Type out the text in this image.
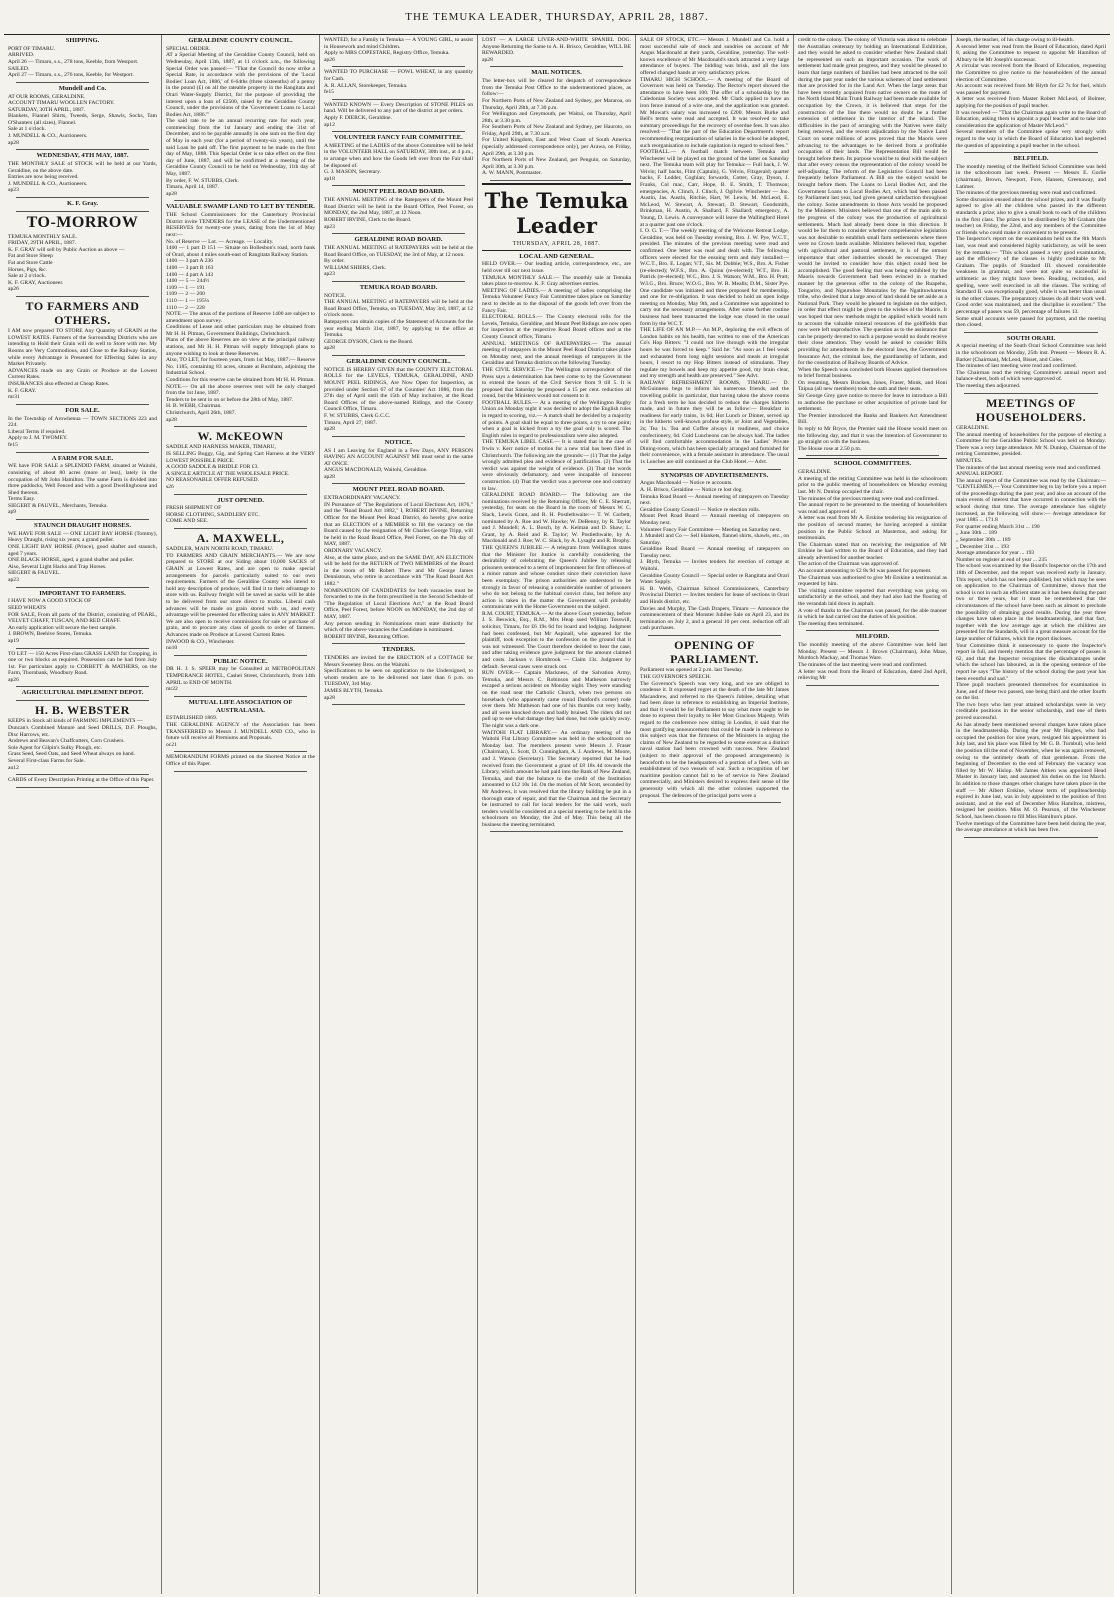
THE TEMUKA LEADER, THURSDAY, APRIL 28, 1887.
SHIPPING.
PORT OF TIMARU.
ARRIVED.
April 26 — Timaru, s.s., 278 tons, Keeble, from Westport.
SAILED.
April 27 — Timaru, s.s., 276 tons, Keeble, for Westport.
Mundell and Co.
AT OUR ROOMS, GERALDINE.
ACCOUNT TIMARU WOOLLEN FACTORY.
SATURDAY, 30TH APRIL, 1887.
Blankets, Flannel Shirts, Tweeds, Serge, Shawls, Socks, Tam O'Shanters (all sizes), Flannel.
Sale at 1 o'clock.
J. MUNDELL & CO., Auctioneers.
ap28
WEDNESDAY, 4TH MAY, 1887.
THE MONTHLY SALE of STOCK will be held at our Yards, Geraldine, on the above date.
Entries are now being received.
J. MUNDELL & CO., Auctioneers.
ap23
K. F. Gray.
TO-MORROW
TEMUKA MONTHLY SALE.
FRIDAY, 29TH APRIL, 1887.
K. F. GRAY will sell by Public Auction as above —
Fat and Store Sheep
Fat and Store Cattle
Horses, Pigs, &c.
Sale at 2 o'clock.
K. F. GRAY, Auctioneer.
ap26
TO FARMERS AND OTHERS.
I AM now prepared TO STORE Any Quantity of GRAIN at the LOWEST RATES. Farmers of the Surrounding Districts who are intending to Hold their Grain will do well to Store with me. My Rooms are Very Commodious, and Close to the Railway Station, while every Advantage is Presented for Effecting Sales in any Market Privately.
ADVANCES made on any Grain or Produce at the Lowest Current Rates.
INSURANCES also effected at Cheap Rates.
K. F. GRAY.
mr31
FOR SALE.
In the Township of Arowhenua — TOWN SECTIONS 223 and 224.
Liberal Terms if required.
Apply to J. M. TWOMEY.
fe15
A FARM FOR SALE.
WE have FOR SALE a SPLENDID FARM, situated at Waitohi, consisting of about 80 acres (more or less), lately in the occupation of Mr John Hamilton. The same Farm is divided into three paddocks, Well Fenced and with a good Dwellinghouse and Shed thereon.
Terms Easy.
SIEGERT & FAUVEL, Merchants, Temuka.
ap9
STAUNCH DRAUGHT HORSES.
WE HAVE FOR SALE — ONE LIGHT BAY HORSE (Tommy), Heavy Draught, rising six years; a grand puller.
ONE LIGHT BAY HORSE (Prince), good shafter and staunch, aged 7 years.
ONE BLACK HORSE, aged, a grand shafter and puller.
Also, Several Light Hacks and Trap Horses.
SIEGERT & FAUVEL.
ap23
IMPORTANT TO FARMERS.
I HAVE NOW A GOOD STOCK OF
SEED WHEATS
FOR SALE, From all parts of the District, consisting of PEARL, VELVET CHAFF, TUSCAN, AND RED CHAFF.
An early application will secure the best sample.
J. BROWN, Beehive Stores, Temuka.
ap19
TO LET — 150 Acres First-class GRASS LAND for Cropping, in one or two blocks as required. Possession can be had from July 1st. For particulars apply to CORBETT & MATHERS, on the Farm, Thornbank, Woodbury Road.
ap26
AGRICULTURAL IMPLEMENT DEPOT.
H. B. WEBSTER
KEEPS in Stock all kinds of FARMING IMPLEMENTS —
Duncan's Combined Manure and Seed DRILLS, D.F. Ploughs, Disc Harrows, etc.
Andrews and Beavan's Chaffcutters, Corn Crushers.
Sole Agent for Gilpin's Sulky Plough, etc.
Grass Seed, Seed Oats, and Seed Wheat always on hand.
Several First-class Farms for Sale.
au12
CARDS of Every Description Printing at the Office of this Paper.
GERALDINE COUNTY COUNCIL.
SPECIAL ORDER.
AT a Special Meeting of the Geraldine County Council, held on Wednesday, April 13th, 1887, at 11 o'clock a.m., the following Special Order was passed:— "That the Council do now strike a Special Rate, in accordance with the provisions of the 'Local Bodies' Loan Act, 1886,' of 6-64ths (three sixteenths) of a penny in the pound (£) on all the rateable property in the Rangitata and Orari Water-Supply District, for the purpose of providing the interest upon a loan of £2500, raised by the Geraldine County Council, under the provisions of the 'Government Loans to Local Bodies Act, 1886.'"
The said rate to be an annual recurring rate for each year, commencing from the 1st January and ending the 31st of December, and to be payable annually in one sum on the first day of May in each year (for a period of twenty-six years), until the said Loan be paid off. The first payment to be made on the first day of May, 1888. This Special Order is to take effect on the first day of June, 1887, and will be confirmed at a meeting of the Geraldine County Council to be held on Wednesday, 11th day of May, 1887.
By order, F. W. STUBBS, Clerk.
Timaru, April 14, 1887.
ap28
VALUABLE SWAMP LAND TO LET BY TENDER.
THE School Commissioners for the Canterbury Provincial District invite TENDERS for the LEASE of the Undermentioned RESERVES for twenty-one years, dating from the 1st of May next:—
No. of Reserve — Lot. — Acreage. — Locality.
1400 — 1 part D 151 — Situate on Bollesbon's road, north bank of Orari, about 4 miles south-east of Rangitata Railway Station.
1400 — 3 part A 236
1400 — 3 part B 163
1400 — 4 part A 143
1400 — 5 — 244½
1109 — 1 — 191
1109 — 2 — 200
1110 — 1 — 195¼
1110 — 2 — 228
NOTE.— The areas of the portions of Reserve 1400 are subject to amendment upon survey.
Conditions of Lease and other particulars may be obtained from Mr H. H. Pitman, Government Buildings, Christchurch.
Plans of the above Reserves are on view at the principal railway stations, and Mr H. H. Pitman will supply lithograph plans to anyone wishing to look at these Reserves.
Also, TO LET, for fourteen years, from 1st May, 1887:— Reserve No. 1185, containing 83 acres, situate at Burnham, adjoining the Industrial School.
Conditions for this reserve can be obtained from Mr H. H. Pitman.
NOTE.— On all the above reserves rent will be only charged from the 1st June, 1887.
Tenders to be sent in on or before the 28th of May, 1887.
H. B. WEBB, Chairman.
Christchurch, April 26th, 1887.
ap28
W. McKEOWN
SADDLE AND HARNESS MAKER, TIMARU,
IS SELLING Buggy, Gig, and Spring Cart Harness at the VERY LOWEST POSSIBLE PRICE.
A GOOD SADDLE & BRIDLE FOR £3.
A SINGLE ARTICLE AT THE WHOLESALE PRICE.
NO REASONABLE OFFER REFUSED.
s26
JUST OPENED.
FRESH SHIPMENT OF
HORSE CLOTHING, SADDLERY ETC.
COME AND SEE.
A. MAXWELL,
SADDLER, MAIN NORTH ROAD, TIMARU.
TO FARMERS AND GRAIN MERCHANTS.— We are now prepared to STORE at our Siding about 10,000 SACKS of GRAIN at Lowest Rates, and are open to make special arrangements for parcels particularly suited to our own requirements. Farmers of the Geraldine County who intend to hold any description of produce, will find it to their advantage to store with us. Railway freight will be saved as sacks will be able to be delivered from our store direct to trucks. Liberal cash advances will be made on grain stored with us, and every advantage will be presented for effecting sales in ANY MARKET. We are also open to receive commissions for sale or purchase of grain, and to procure any class of goods to order of farmers. Advances made on Produce at Lowest Current Rates.
INWOOD & CO., Winchester.
no10
PUBLIC NOTICE.
DR H. J. S. SPEER may be Consulted at METROPOLITAN TEMPERANCE HOTEL, Cashel Street, Christchurch, from 14th APRIL to END OF MONTH.
mr22
MUTUAL LIFE ASSOCIATION OF AUSTRALASIA.
ESTABLISHED 1869.
THE GERALDINE AGENCY of the Association has been TRANSFERRED to Messrs J. MUNDELL AND CO., who in future will receive all Premiums and Proposals.
oc21
MEMORANDUM FORMS printed on the Shortest Notice at the Office of this Paper.
WANTED, for a Family in Temuka — A YOUNG GIRL, to assist in Housework and mind Children.
Apply to MRS COPESTAKE, Registry Office, Temuka.
ap26
WANTED TO PURCHASE — FOWL WHEAT, in any quantity for Cash.
A. R. ALLAN, Storekeeper, Temuka.
fe15
WANTED KNOWN — Every Description of STONE PILES on hand. Will be delivered to any part of the district at per orders.
Apply F. DIERCK, Geraldine.
ap12
VOLUNTEER FANCY FAIR COMMITTEE.
A MEETING of the LADIES of the above Committee will be held in the VOLUNTEER HALL on SATURDAY, 30th inst., at 4 p.m., to arrange when and how the Goods left over from the Fair shall be disposed of.
G. J. MASON, Secretary.
ap18
MOUNT PEEL ROAD BOARD.
THE ANNUAL MEETING of the Ratepayers of the Mount Peel Road District will be held in the Board Office, Peel Forest, on MONDAY, the 2nd May, 1887, at 12 Noon.
ROBERT IRVINE, Clerk to the Board.
ap23
GERALDINE ROAD BOARD.
THE ANNUAL MEETING of RATEPAYERS will be held at the Road Board Office, on TUESDAY, the 3rd of May, at 12 noon.
By order.
WILLIAM SHIERS, Clerk.
ap23
TEMUKA ROAD BOARD.
NOTICE.
THE ANNUAL MEETING of RATEPAYERS will be held at the Road Board Office, Temuka, on TUESDAY, May 3rd, 1887, at 12 o'clock noon.
Ratepayers can obtain copies of the Statement of Accounts for the year ending March 31st, 1887, by applying to the office at Temuka.
GEORGE DYSON, Clerk to the Board.
ap28
GERALDINE COUNTY COUNCIL.
NOTICE IS HEREBY GIVEN that the COUNTY ELECTORAL ROLLS for the LEVELS, TEMUKA, GERALDINE, AND MOUNT PEEL RIDINGS, Are Now Open for Inspection, as provided under Section 67 of the Counties' Act 1886, from the 27th day of April until the 15th of May inclusive, at the Road Board Offices of the above-named Ridings, and the County Council Office, Timaru.
F. W. STUBBS, Clerk G.C.C.
Timaru, April 27, 1887.
ap28
NOTICE.
AS I am Leaving for England in a Few Days, ANY PERSON HAVING AN ACCOUNT AGAINST ME must send in the same AT ONCE.
ANGUS MACDONALD, Waitohi, Geraldine.
ap28
MOUNT PEEL ROAD BOARD.
EXTRAORDINARY VACANCY.
IN Pursuance of "The Regulations of Local Elections Act, 1876," and the "Road Board Act 1882," I, ROBERT IRVINE, Returning Officer for the Mount Peel Road District, do hereby give notice that an ELECTION of a MEMBER to fill the vacancy on the Board caused by the resignation of Mr Charles George Tripp, will be held in the Road Board Office, Peel Forest, on the 7th day of MAY, 1887.
ORDINARY VACANCY.
Also, at the same place, and on the SAME DAY, AN ELECTION will be held for the RETURN of TWO MEMBERS of the Board in the room of Mr Robert Thew and Mr George James Dennistoun, who retire in accordance with "The Road Board Act 1882."
NOMINATION OF CANDIDATES for both vacancies must be forwarded to me in the form prescribed in the Second Schedule of "The Regulation of Local Elections Act," at the Road Board Office, Peel Forest, before NOON on MONDAY, the 2nd day of MAY, 1887.
Any person sending in Nominations must state distinctly for which of the above vacancies the Candidate is nominated.
ROBERT IRVINE, Returning Officer.
TENDERS.
TENDERS are invited for the ERECTION of a COTTAGE for Messrs Sweeney Bros. on the Waitohi.
Specifications to be seen on application to the Undersigned, to whom tenders are to be delivered not later than 6 p.m. on TUESDAY, 3rd May.
JAMES BLYTH, Temuka.
ap28
LOST — A LARGE LIVER-AND-WHITE SPANIEL DOG. Anyone Returning the Same to A. H. Brisco, Geraldine, WILL BE REWARDED.
ap28
MAIL NOTICES.
The letter-box will be cleared for despatch of correspondence from the Temuka Post Office to the undermentioned places, as follow:—
For Northern Ports of New Zealand and Sydney, per Mararoa, on Thursday, April 28th, at 7.30 p.m.
For Wellington and Greymouth, per Waitui, on Thursday, April 28th, at 3.30 p.m.
For Southern Ports of New Zealand and Sydney, per Hauroto, on Friday, April 29th, at 7.30 a.m.
For United Kingdom, East and West Coast of South America (specially addressed correspondence only), per Arawa, on Friday, April 29th, at 3.30 p.m.
For Northern Ports of New Zealand, per Penguin, on Saturday, April 30th, at 3.30 p.m.
A. W. MANN, Postmaster.
The Temuka Leader
THURSDAY, APRIL 28, 1887.
LOCAL AND GENERAL.
HELD OVER.— Our leading article, correspondence, etc., are held over till our next issue.
TEMUKA MONTHLY SALE.— The monthly sale at Temuka takes place to-morrow. K. F. Gray advertises entries.
MEETING OF LADIES.— A meeting of ladies comprising the Temuka Volunteer Fancy Fair Committee takes place on Saturday next to decide as to the disposal of the goods left over from the Fancy Fair.
ELECTORAL ROLLS.— The County electoral rolls for the Levels, Temuka, Geraldine, and Mount Peel Ridings are now open for inspection at the respective Road Board offices and at the County Council office, Timaru.
ANNUAL MEETINGS OF RATEPAYERS.— The annual meeting of ratepayers in the Mount Peel Road District takes place on Monday next, and the annual meetings of ratepayers in the Geraldine and Temuka districts on the following Tuesday.
THE CIVIL SERVICE.— The Wellington correspondent of the Press says a determination has been come to by the Government to extend the hours of the Civil Service from 9 till 5. It is proposed that Saturday be proposed a 15 per cent. reduction all round, but the Ministers would not consent to it.
FOOTBALL RULES.— At a meeting of the Wellington Rugby Union on Monday night it was decided to adopt the English rules in regard to scoring, viz.— A match shall be decided by a majority of points. A goal shall be equal to three points, a try to one point; when a goal is kicked from a try the goal only is scored. The English rules in regard to professionalism were also adopted.
THE TEMUKA LIBEL CASE.— It is stated that in the case of Irwin v. Kerr notice of motion for a new trial has been filed in Christchurch. The following are the grounds:— (1) That the judge wrongly admitted plea and evidence of justification. (2) That the verdict was against the weight of evidence. (3) That the words were obviously defamatory, and were incapable of innocent construction. (4) That the verdict was a perverse one and contrary to law.
GERALDINE ROAD BOARD.— The following are the nominations received by the Returning Officer, Mr C. E. Sherratt, yesterday, for seats on the Board in the room of Messrs W. C. Slack, Lewis Grant, and R. H. Postlethwaite:— T. W. Corbett, nominated by A. Roe and W. Hawke; W. DeBenny, by R. Taylor and J. Mundell; A. L. Bosch, by A. Kelman and D. Shaw; L. Grant, by A. Reid and R. Taylor; W. Postlethwaite, by A. Macdonald and J. Roe; W. C. Slack, by A. Lysaght and R. Brophy.
THE QUEEN'S JUBILEE.— A telegram from Wellington states that the Minister for Justice is carefully considering the desirability of celebrating the Queen's Jubilee by releasing prisoners sentenced to a term of imprisonment for first offences of a minor nature and whose conduct since their conviction have been exemplary. The prison authorities are understood to be strongly in favor of releasing a considerable number of prisoners who do not belong to the habitual convict class, but before any action is taken in the matter the Government will probably communicate with the Home Government on the subject.
R.M. COURT, TEMUKA.— At the above Court yesterday, before J. S. Beswick, Esq., R.M., Mrs Heap sued William Tosswill, solicitor, Timaru, for £6 19s 6d for board and lodging. Judgment had been confessed, but Mr Aspinall, who appeared for the plaintiff, took exception to the confession on the ground that it was not witnessed. The Court therefore decided to hear the case, and after taking evidence gave judgment for the amount claimed and costs. Jackson v. Hornbrook — Claim 13s. Judgment by default. Several cases were struck out.
RUN OVER.— Captain Mackness, of the Salvation Army, Temuka, and Messrs C. Robinson and Matheson narrowly escaped a serious accident on Monday night. They were standing on the road near the Catholic Church, when two persons on horseback (who apparently came round Dunford's corner) rode over them. Mr Matheson had one of his thumbs cut very badly, and all were knocked down and badly bruised. The riders did not pull up to see what damage they had done, but rode quickly away. The night was a dark one.
WAITOHI FLAT LIBRARY.— An ordinary meeting of the Waitohi Flat Library Committee was held in the schoolroom on Monday last. The members present were Messrs J. Fraser (Chairman), L. Scott, D. Cunningham, A. J. Andrews, M. Moore, and J. Watson (Secretary). The Secretary reported that he had received from the Government a grant of £8 18s 4d towards the Library, which amount he had paid into the Bank of New Zealand, Temuka, and that the balance to the credit of the Institution amounted to £12 10s 1d. On the motion of Mr Scott, seconded by Mr Andrews, it was resolved that the library building be put in a thorough state of repair, and that the Chairman and the Secretary be instructed to call for local tenders for the said work, such tenders would be considered at a special meeting to be held in the schoolroom on Monday, the 2nd of May. This being all the business the meeting terminated.
SALE OF STOCK, ETC.— Messrs J. Mundell and Co. hold a most successful sale of stock and sundries on account of Mr Angus Macdonald at their yards, Geraldine, yesterday. The well-known excellence of Mr Macdonald's stock attracted a very large attendance of buyers. The bidding was brisk, and all the lots offered changed hands at very satisfactory prices.
TIMARU HIGH SCHOOL.— A meeting of the Board of Governors was held on Tuesday. The Rector's report showed the attendance to have been 100. The offer of a scholarship by the Caledonian Society was accepted. Mr Clark applied to have an iron fence instead of a wire one, and the application was granted. Mr Mowat's salary was increased to £200. Messrs Burke and Bell's terms were read and accepted. It was resolved to take summary proceedings for the recovery of overdue fees. It was also resolved:— "That the part of the Education Department's report recommending reorganisation of salaries in the school be adopted, such reorganisation to include capitation in regard to school fees."
FOOTBALL.— A football match between Temuka and Winchester will be played on the ground of the latter on Saturday next. The Temuka team will play for Temuka:— Full back, J. W. Velvin; half backs, Flint (Captain), G. Velvin, Fitzgerald; quarter backs, F. Lodder, Coghlan; forwards, Cotter, Gray, Dyson, J. Franks, Col mac, Carr, Hope, B. E. Smith, T. Thomson; emergencies, A. Clinch, J. Clinch, J. Ogilvie. Winchester — Jno. Austin, Jas. Austin, Ritchie, Hart, W. Lewis, M. McLeod, E. McLeod, W. Stewart, A. Stewart, D. Stewart, Goodsmith, Brinkman, H. Austin, A. Shallard, F. Shallard; emergency, A. Young, D. Lewis. A conveyance will leave the Wallingford Hotel at a quarter past one o'clock.
I. O. G. T.— The weekly meeting of the Welcome Retreat Lodge, Geraldine, was held on Tuesday evening, Bro. J. W. Pye, W.C.T., presided. The minutes of the previous meeting were read and confirmed. One letter was read and dealt with. The following officers were elected for the ensuing term and duly installed:— W.C.T., Bro. E. Logan; V.T., Sis. M. Dobbie; W.S., Bro. A. Fisher (re-elected); W.F.S., Bro. A. Quinn (re-elected); W.T., Bro. H. Patrick (re-elected); W.C., Bro. J. S. Watson; W.M., Bro. H. Pratt; W.I.G., Bro. Bruce; W.O.G., Bro. W. R. Mealls; D.M., Sister Pye. One candidate was initiated and three proposed for membership, and one for re-obligation. It was decided to hold an open lodge meeting on Monday, May 9th, and a Committee was appointed to carry out the necessary arrangements. After some further routine business had been transacted the lodge was closed in the usual form by the W.C.T.
THE LIFE OF AN M.P.— An M.P., deploring the evil effects of London habits on his health, has written to one of the American Co's Hop Bitters: "I could not live through with the irregular hours he was forced to keep." Said he: "As soon as I feel weak and exhausted from long night sessions and meals at irregular hours, I resort to my Hop Bitters instead of stimulants. They regulate my bowels and keep my appetite good, my brain clear, and my strength and health are preserved." See Advt.
RAILWAY REFRESHMENT ROOMS, TIMARU.— D. McGuinness begs to inform his numerous friends, and the travelling public in particular, that having taken the above rooms for a fresh term he has decided to reduce the charges hitherto made, and in future they will be as follow:— Breakfast in readiness for early trains, 1s 6d; Hot Lunch or Dinner, served up in the hitherto well-known profuse style, or Joint and Vegetables, 2s; Tea 1s. Tea and Coffee always in readiness, and choice confectionery, 6d. Cold Luncheons can be always had. The ladies will find comfortable accommodation in the Ladies' Private Dining-room, which has been specially arranged and furnished for their convenience, with a female assistant in attendance. The usual 1s Lunches are still continued at the Club Hotel.— Advt.
SYNOPSIS OF ADVERTISEMENTS.
Angus Macdonald — Notice re accounts.
A. H. Brisco, Geraldine — Notice re lost dog.
Temuka Road Board — Annual meeting of ratepayers on Tuesday next.
Geraldine County Council — Notice re election rolls.
Mount Peel Road Board — Annual meeting of ratepayers on Monday next.
Volunteer Fancy Fair Committee — Meeting on Saturday next.
J. Mundell and Co — Sell blankets, flannel shirts, shawls, etc., on Saturday.
Geraldine Road Board — Annual meeting of ratepayers on Tuesday next.
J. Blyth, Temuka — Invites tenders for erection of cottage at Waitohi.
Geraldine County Council — Special order re Rangitata and Orari Water Supply.
H. B. Webb, Chairman School Commissioners, Canterbury Provincial District — Invites tenders for lease of sections in Orari and Hinds district, etc.
Davies and Murphy, The Cash Drapers, Timaru — Announce the commencement of their Monster Jubilee Sale on April 23, and its termination on July 2, and a general 10 per cent. reduction off all cash purchases.
OPENING OF PARLIAMENT.
Parliament was opened at 2 p.m. last Tuesday.
THE GOVERNOR'S SPEECH.
The Governor's Speech was very long, and we are obliged to condense it. It expressed regret at the death of the late Mr James Macandrew, and referred to the Queen's Jubilee, detailing what had been done in reference to establishing an Imperial Institute, and that it would be for Parliament to say what more ought to be done to express their loyalty to Her Most Gracious Majesty. With regard to the conference now sitting in London, it said that the most gratifying announcement that could be made in reference to this subject was that the firmness of the Ministers in urging the claims of New Zealand to be regarded to some extent as a distinct naval station had been crowned with success. New Zealand (subject to their approval of the proposed arrangements) is henceforth to be the headquarters of a portion of a fleet, with an establishment of two vessels of war. Such a recognition of her maritime position cannot fail to be of service to New Zealand commercially, and Ministers desired to express their sense of the generosity with which all the other colonies supported the proposal. The defences of the principal ports were a
credit to the colony. The colony of Victoria was about to celebrate the Australian centenary by holding an International Exhibition, and they would be asked to consider whether New Zealand shall be represented on such an important occasion. The work of settlement had made great progress, and they would be pleased to learn that large numbers of families had been attracted to the soil during the past year under the various schemes of land settlement that are provided for in the Land Act. When the large areas that have been recently acquired from native owners on the route of the North Island Main Trunk Railway had been made available for occupation by the Crown, it is believed that steps for the construction of the line there would no doubt be a further extension of settlement in the interior of the island. The difficulties in the past of arranging with the Natives were daily being removed, and the recent adjudication by the Native Land Court on some millions of acres proved that the Maoris were advancing to the advantages to be derived from a profitable occupation of their lands. The Representation Bill would be brought before them. Its purpose would be to deal with the subject that after every census the representation of the colony would be self-adjusting. The reform of the Legislative Council had been frequently before Parliament. A Bill on the subject would be brought before them. The Loans to Local Bodies Act, and the Government Loans to Local Bodies Act, which had been passed by Parliament last year, had given general satisfaction throughout the colony. Some amendments in those Acts would be proposed by the Ministers. Ministers believed that one of the main aids to the progress of the colony was the production of agricultural settlements. Much had already been done in this direction. It would be for them to consider whether comprehensive legislation was not desirable to establish small farm settlements where there were no Crown lands available. Ministers believed that, together with agricultural and pastoral settlement, it is of the utmost importance that other industries should be encouraged. They would be invited to consider how this object could best be accomplished. The good feeling that was being exhibited by the Maoris towards Government had been evinced in a marked manner by the generous offer to the colony of the Ruapehu, Tongariro, and Ngauruhoe Mountains by the Ngatituwharetoa tribe, who desired that a large area of land should be set aside as a National Park. They would be pleased to legislate on the subject, in order that effect might be given to the wishes of the Maoris. It was hoped that new methods might be applied which would turn to account the valuable mineral resources of the goldfields that now were left unproductive. The question as to the assistance that can be properly devoted to such a purpose would no doubt receive their close attention. They would be asked to consider Bills providing for amendments in the electoral laws, the Government Insurance Act, the criminal law, the guardianship of infants, and for the constitution of Railway Boards of Advice.
When the Speech was concluded both Houses applied themselves to brief formal business.
On resuming, Messrs Bracken, Jones, Fraser, Monk, and Honi Taipua (all new members) took the oath and their seats.
Sir George Grey gave notice to move for leave to introduce a Bill to authorise the purchase or other acquisition of private land for settlement.
The Premier introduced the Banks and Bankers Act Amendment Bill.
In reply to Mr Bryce, the Premier said the House would meet on the following day, and that it was the intention of Government to go straight on with the business.
The House rose at 2.50 p.m.
SCHOOL COMMITTEES.
GERALDINE.
A meeting of the retiring Committee was held in the schoolroom prior to the public meeting of householders on Monday evening last. Mr N. Dunlop occupied the chair.
The minutes of the previous meeting were read and confirmed.
The annual report to be presented to the meeting of householders was read and approved of.
A letter was read from Mr A. Erskine tendering his resignation of the position of second master, he having accepted a similar position in the Public School at Masterton, and asking for testimonials.
The Chairman stated that on receiving the resignation of Mr Erskine he had written to the Board of Education, and they had already advertised for another teacher.
The action of the Chairman was approved of.
An account amounting to £2 8s 9d was passed for payment.
The Chairman was authorised to give Mr Erskine a testimonial as requested by him.
The visiting committee reported that everything was going on satisfactorily at the school, and they had also had the flooring of the verandah laid down in asphalt.
A vote of thanks to the Chairman was passed, for the able manner in which he had carried out the duties of his position.
The meeting then terminated.
MILFORD.
The monthly meeting of the above Committee was held last Monday. Present — Messrs J. Brown (Chairman), John Maze, Murdoch Mackay, and Thomas Ware.
The minutes of the last meeting were read and confirmed.
A letter was read from the Board of Education, dated 2nd April, relieving Mr
Joseph, the teacher, of his charge owing to ill-health.
A second letter was read from the Board of Education, dated April 8, asking the Committee to request to appoint Mr Hamilton of Albury to be Mr Joseph's successor.
A circular was received from the Board of Education, requesting the Committee to give notice to the householders of the annual election of Committee.
An account was received from Mr Blyth for £2 7s for fuel, which was passed for payment.
A letter was received from Master Robert McLeod, of Bolmer, applying for the position of pupil teacher.
It was resolved — "That the Chairman again write to the Board of Education, asking them to appoint a pupil teacher and to take into consideration the application of Master McLeod."
Several members of the Committee spoke very strongly with regard to the way in which the Board of Education had neglected the question of appointing a pupil teacher in the school.
BELFIELD.
The monthly meeting of the Belfield School Committee was held in the schoolroom last week. Present — Messrs E. Gorlie (chairman), Brown, Newport, Fore, Hansen, Greenaway, and Latimer.
The minutes of the previous meeting were read and confirmed.
Some discussion ensued about the school prizes, and it was finally agreed to give all the children who passed in the different standards a prize; also to give a small book to each of the children in the first class. The prizes to be distributed by Mr Graham (the teacher) on Friday, the 22nd, and any members of the Committee or friends who could make it convenient to be present.
The Inspector's report on the examination held on the 8th March last, was read and considered highly satisfactory, as will be seen by the remarks:— "This school passed a very good examination, and the efficiency of the classes is highly creditable to Mr Graham. The pupils of Standard III. showed considerable weakness in grammar, and were not quite so successful in arithmetic as they might have been. Reading, recitation, and spelling, were well exercised in all the classes. The writing of Standard II. was exceptionally good, while it was better than usual in the other classes. The preparatory classes do all their work well. Good order was maintained, and the discipline is excellent." The percentage of passes was 59, percentage of failures 13.
Some small accounts were passed for payment, and the meeting then closed.
SOUTH ORARI.
A special meeting of the South Orari School Committee was held in the schoolroom on Monday, 25th inst. Present — Messrs R. A. Barker (Chairman), McLeod, Bisset, and Coles.
The minutes of last meeting were read and confirmed.
The Chairman read the retiring Committee's annual report and balance-sheet, both of which were approved of.
The meeting then adjourned.
MEETINGS OF HOUSEHOLDERS.
GERALDINE.
The annual meeting of householders for the purpose of electing a Committee for the Geraldine Public School was held on Monday. There was a very large attendance. Mr N. Dunlop, Chairman of the retiring Committee, presided.
MINUTES.
The minutes of the last annual meeting were read and confirmed.
ANNUAL REPORT.
The annual report of the Committee was read by the Chairman:— "GENTLEMEN,— Your Committee beg to lay before you a report of the proceedings during the past year, and also an account of the main events of interest that have occurred in connection with the school during that time. The average attendance has slightly increased, as the following will show:— Average attendance for year 1885 ... 171.8
For quarter ending March 31st ... 190
„ June 30th ... 189
„ September 30th ... 189
„ December 31st ... 193
Average attendance for year ... 193
Number on register at end of year ... 235
The school was examined by the Board's Inspector on the 17th and 18th of December, and the report was received early in January. This report, which has not been published, but which may be seen on application to the Chairman of Committee, shows that the school is not in such an efficient state as it has been during the past two or three years, but it must be remembered that the circumstances of the school have been such as almost to preclude the possibility of obtaining good results. During the year three changes have taken place in the headmastership, and that fact, together with the low average age at which the children are presented for the Standards, will in a great measure account for the large number of failures, which the report discloses.
Your Committee think it unnecessary to quote the Inspector's report in full, and merely mention that the percentage of passes is 62, and that the Inspector recognises the disadvantages under which the school has laboured, as in the opening sentence of the report he says "The history of the school during the past year has been eventful and sad."
Three pupil teachers presented themselves for examination in June, and of these two passed, one being third and the other fourth on the list.
The two boys who last year attained scholarships were in very creditable positions in the senior scholarship, and one of them proved successful.
As has already been mentioned several changes have taken place in the headmastership. During the year Mr Hughes, who had occupied the position for nine years, resigned his appointment in July last, and his place was filled by Mr G. B. Turnbull, who held the position till the end of November, when he was again removed, owing to the untimely death of that gentleman. From the beginning of December to the end of February the vacancy was filled by Mr W. Hislop. Mr James Aitken was appointed Head Master in January last, and assumed his duties on the 1st March. In addition to those changes other changes have taken place in the staff — Mr Albert Erskine, whose term of pupilteachership expired in June last, was in July appointed to the position of first assistant, and at the end of December Miss Hamilton, mistress, resigned her position. Miss M. O. Pearson, of the Winchester School, has been chosen to fill Miss Hamilton's place.
Twelve meetings of the Committee have been held during the year, the average attendance at which has been five.
